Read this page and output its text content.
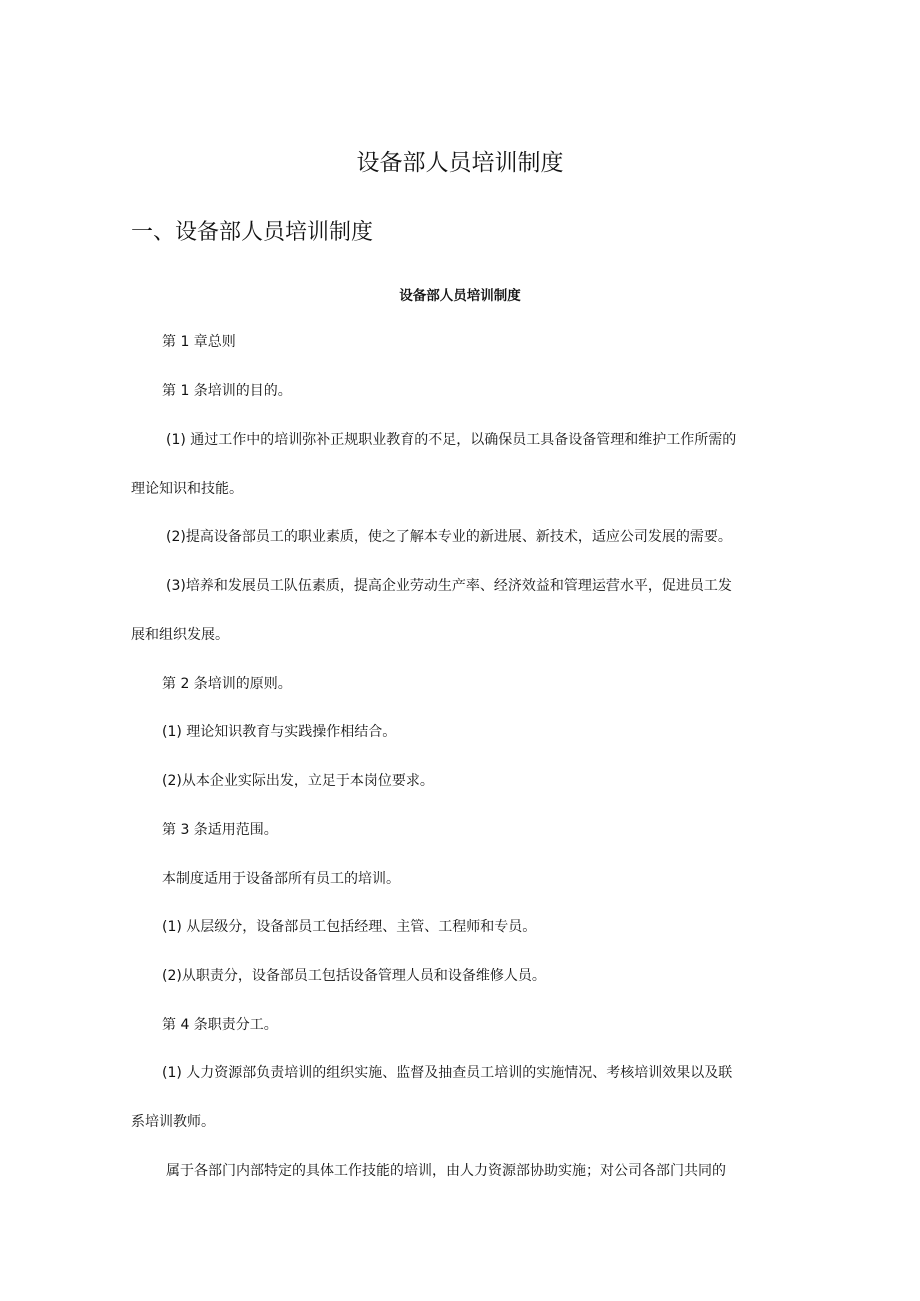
设备部人员培训制度
一、设备部人员培训制度
设备部人员培训制度
第 1 章总则
第 1 条培训的目的。
(1) 通过工作中的培训弥补正规职业教育的不足，以确保员工具备设备管理和维护工作所需的
理论知识和技能。
(2)提高设备部员工的职业素质，使之了解本专业的新进展、新技术，适应公司发展的需要。
(3)培养和发展员工队伍素质，提高企业劳动生产率、经济效益和管理运营水平，促进员工发
展和组织发展。
第 2 条培训的原则。
(1) 理论知识教育与实践操作相结合。
(2)从本企业实际出发，立足于本岗位要求。
第 3 条适用范围。
本制度适用于设备部所有员工的培训。
(1) 从层级分，设备部员工包括经理、主管、工程师和专员。
(2)从职责分，设备部员工包括设备管理人员和设备维修人员。
第 4 条职责分工。
(1) 人力资源部负责培训的组织实施、监督及抽查员工培训的实施情况、考核培训效果以及联
系培训教师。
属于各部门内部特定的具体工作技能的培训，由人力资源部协助实施；对公司各部门共同的
